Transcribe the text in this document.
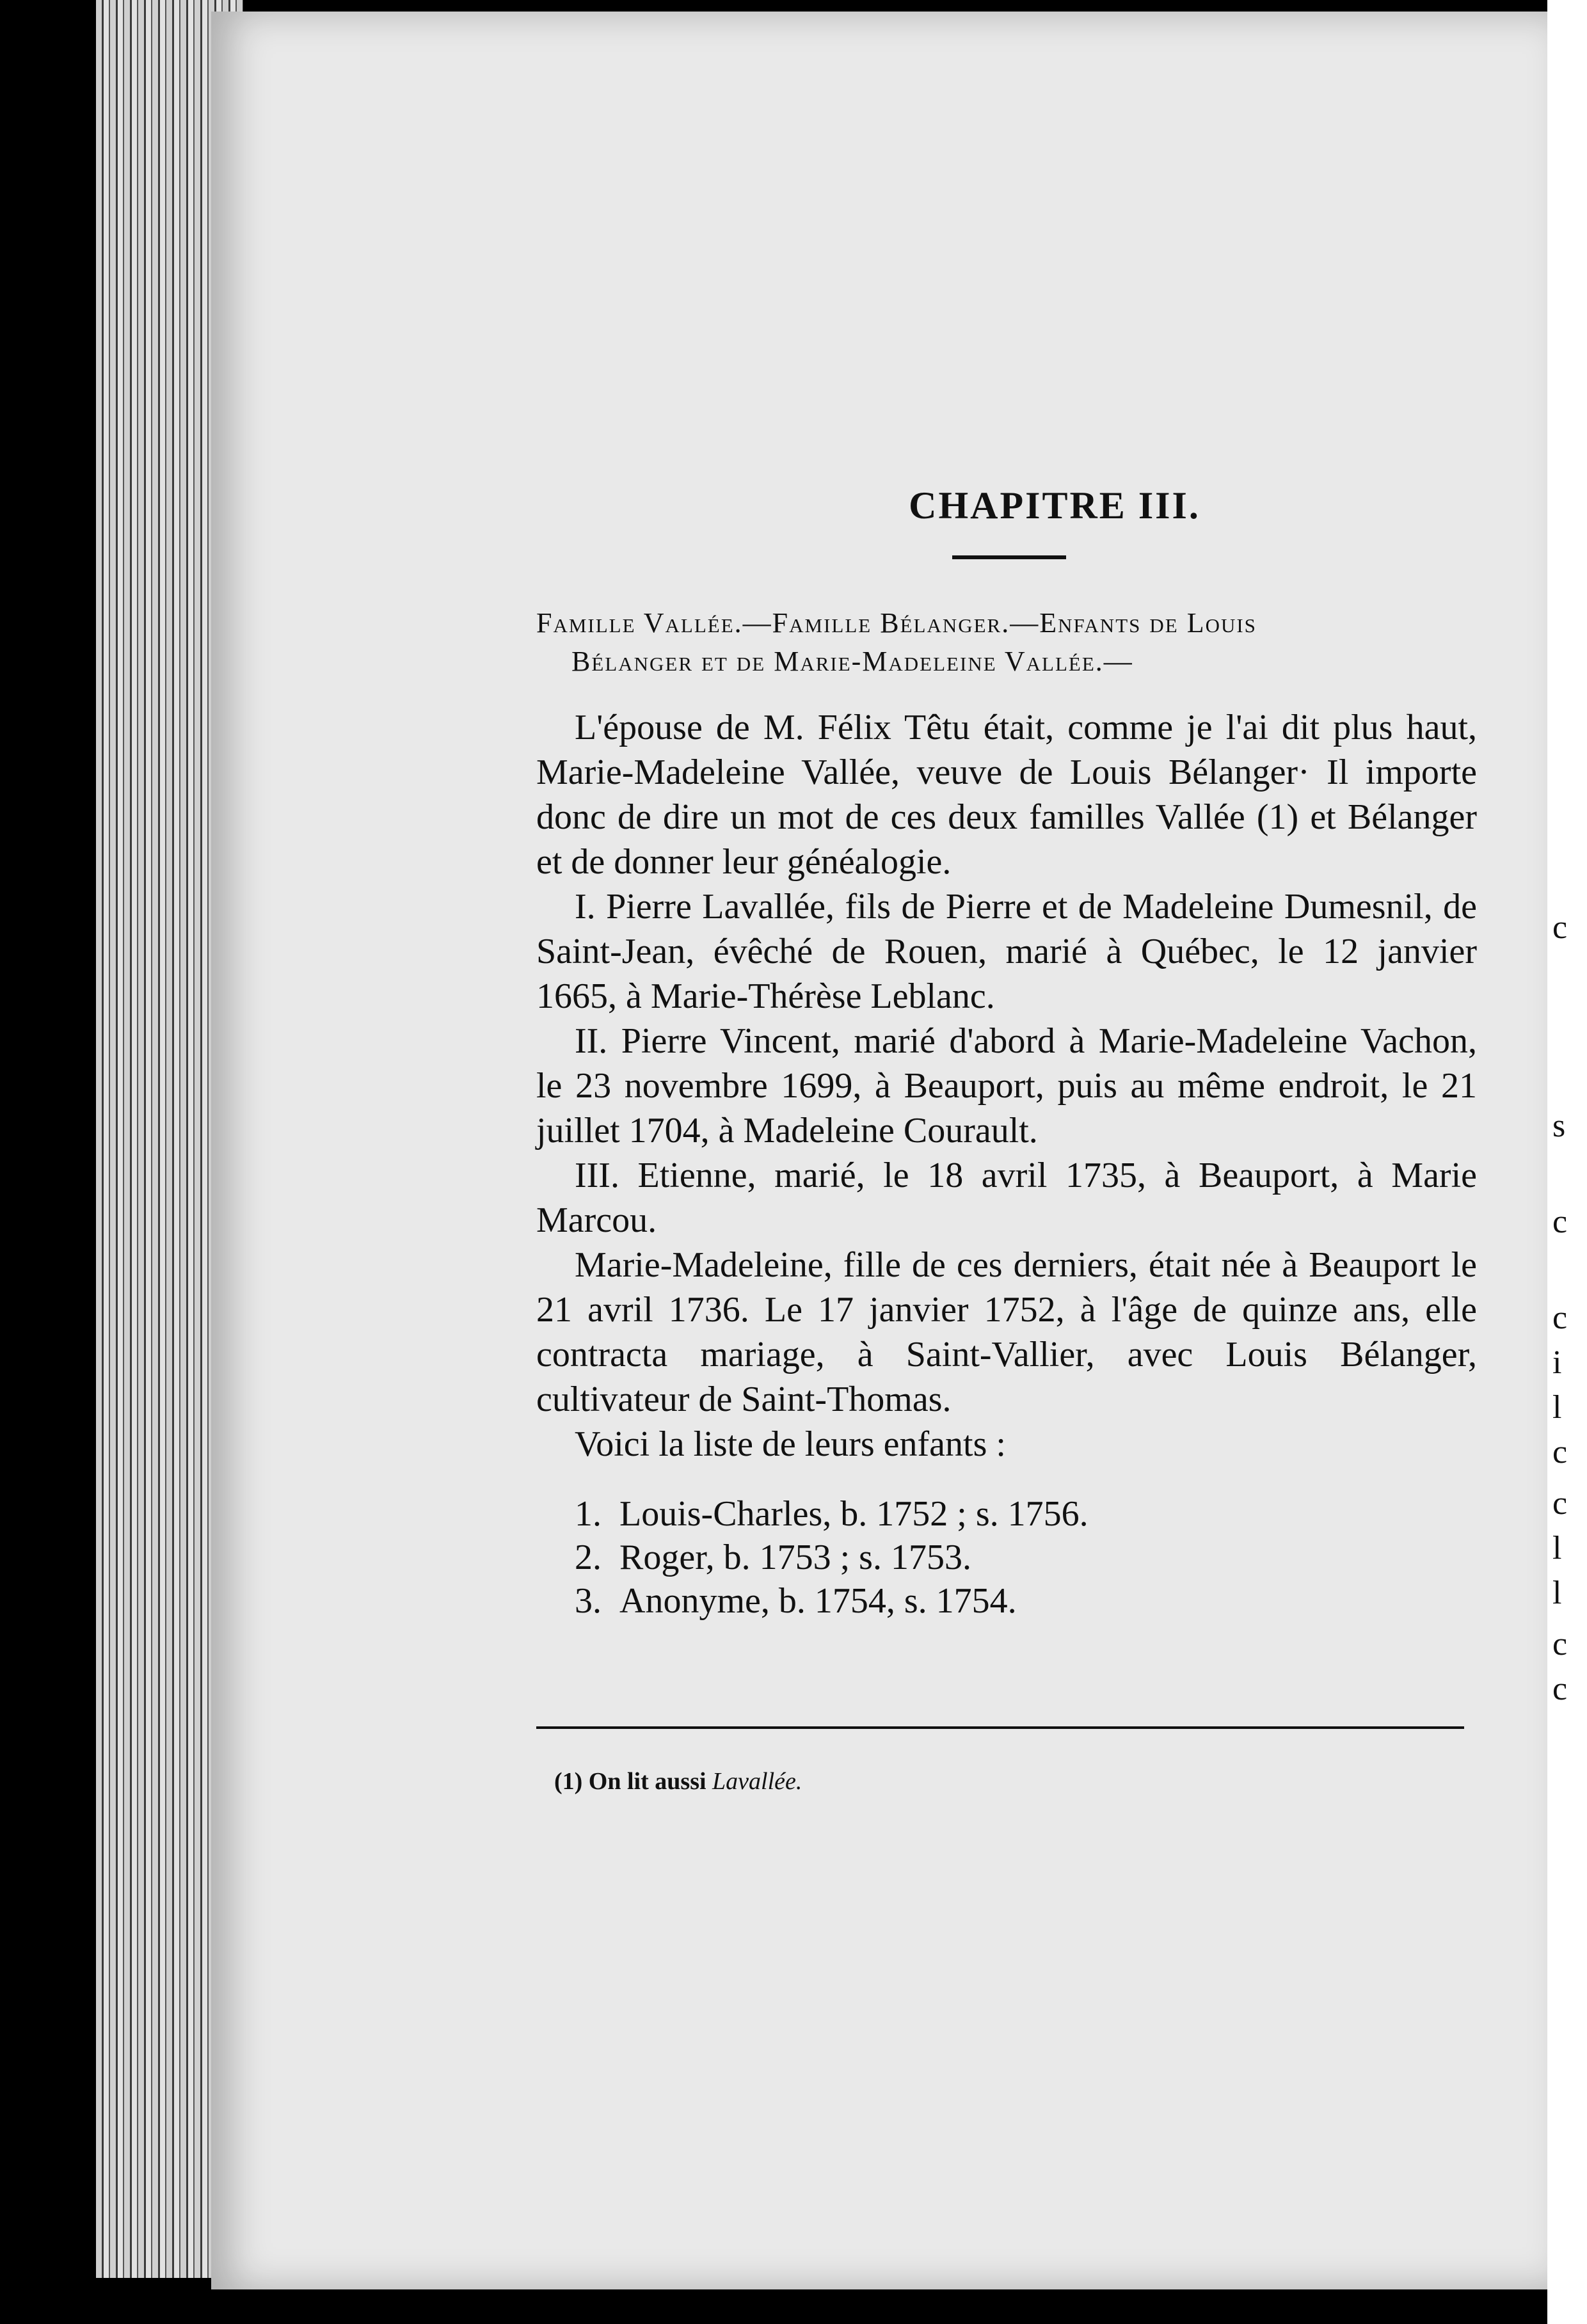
c
s
c
c
i
l
c
c
l
l
c
c
CHAPITRE III.
Famille Vallée.—Famille Bélanger.—Enfants de Louis
Bélanger et de Marie-Madeleine Vallée.—

L'épouse de M. Félix Têtu était, comme je l'ai dit plus haut, Marie-Madeleine Vallée, veuve de Louis Bélanger· Il importe donc de dire un mot de ces deux familles Vallée (1) et Bélanger et de donner leur généalogie.

I. Pierre Lavallée, fils de Pierre et de Madeleine Dumesnil, de Saint-Jean, évêché de Rouen, marié à Québec, le 12 janvier 1665, à Marie-Thérèse Leblanc.

II. Pierre Vincent, marié d'abord à Marie-Madeleine Vachon, le 23 novembre 1699, à Beauport, puis au même endroit, le 21 juillet 1704, à Madeleine Courault.

III. Etienne, marié, le 18 avril 1735, à Beauport, à Marie Marcou.

Marie-Madeleine, fille de ces derniers, était née à Beauport le 21 avril 1736. Le 17 janvier 1752, à l'âge de quinze ans, elle contracta mariage, à Saint-Vallier, avec Louis Bélanger, cultivateur de Saint-Thomas.

Voici la liste de leurs enfants :

1. Louis-Charles, b. 1752 ; s. 1756.
2. Roger, b. 1753 ; s. 1753.
3. Anonyme, b. 1754, s. 1754.
(1) On lit aussi Lavallée.
